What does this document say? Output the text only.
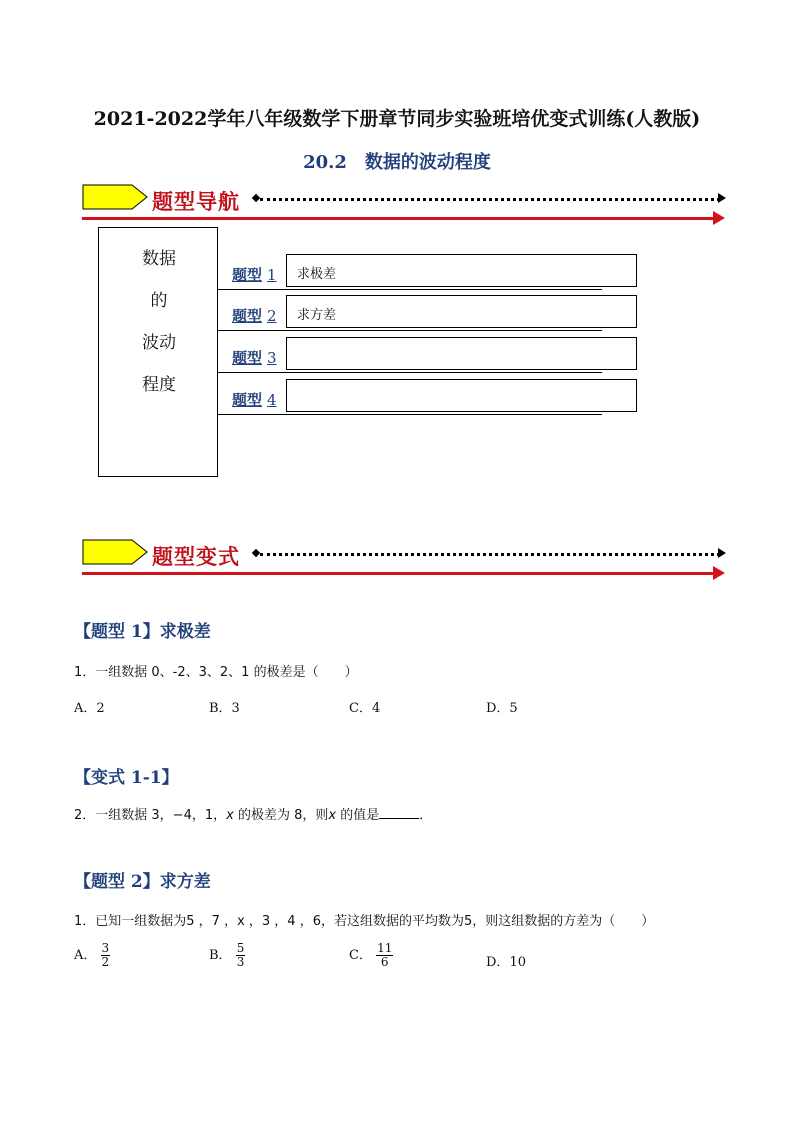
2021-2022学年八年级数学下册章节同步实验班培优变式训练(人教版)
20.2　数据的波动程度
题型导航
数据
的
波动
程度
题型 1	求极差
题型 2	求方差
题型 3
题型 4
题型变式
【题型 1】求极差
1．一组数据 0、-2、3、2、1 的极差是（　　）
A．2	B．3	C．4	D．5
【变式 1-1】
2．一组数据 3，−4，1，x 的极差为 8，则x 的值是	．
【题型 2】求方差
1．已知一组数据为5 ，7 ，x ，3 ，4 ，6，若这组数据的平均数为5，则这组数据的方差为（　　）
A． $\frac{3}{2}$	B． $\frac{5}{3}$	C． $\frac{11}{6}$	D．10
